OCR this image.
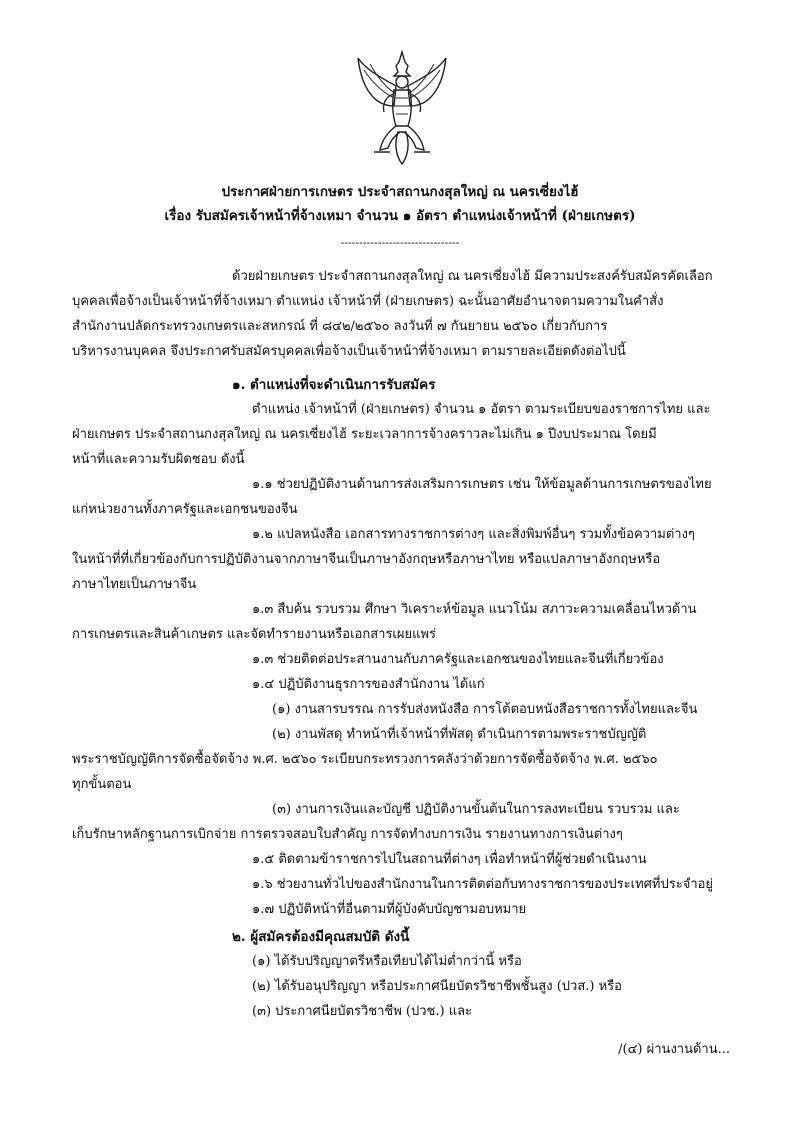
ประกาศฝ่ายการเกษตร ประจำสถานกงสุลใหญ่ ณ นครเซี่ยงไฮ้
เรื่อง รับสมัครเจ้าหน้าที่จ้างเหมา จำนวน ๑ อัตรา ตำแหน่งเจ้าหน้าที่ (ฝ่ายเกษตร)
--------------------------------
ด้วยฝ่ายเกษตร ประจำสถานกงสุลใหญ่ ณ นครเซี่ยงไฮ้ มีความประสงค์รับสมัครคัดเลือก
บุคคลเพื่อจ้างเป็นเจ้าหน้าที่จ้างเหมา ตำแหน่ง เจ้าหน้าที่ (ฝ่ายเกษตร) ฉะนั้นอาศัยอำนาจตามความในคำสั่ง
สำนักงานปลัดกระทรวงเกษตรและสหกรณ์ ที่ ๘๔๒/๒๕๖๐ ลงวันที่ ๗ กันยายน ๒๕๖๐ เกี่ยวกับการ
บริหารงานบุคคล จึงประกาศรับสมัครบุคคลเพื่อจ้างเป็นเจ้าหน้าที่จ้างเหมา ตามรายละเอียดดังต่อไปนี้
๑. ตำแหน่งที่จะดำเนินการรับสมัคร
ตำแหน่ง เจ้าหน้าที่ (ฝ่ายเกษตร) จำนวน ๑ อัตรา ตามระเบียบของราชการไทย และ
ฝ่ายเกษตร ประจำสถานกงสุลใหญ่ ณ นครเซี่ยงไฮ้ ระยะเวลาการจ้างคราวละไม่เกิน ๑ ปีงบประมาณ โดยมี
หน้าที่และความรับผิดชอบ ดังนี้
๑.๑ ช่วยปฏิบัติงานด้านการส่งเสริมการเกษตร เช่น ให้ข้อมูลด้านการเกษตรของไทย
แก่หน่วยงานทั้งภาครัฐและเอกชนของจีน
๑.๒ แปลหนังสือ เอกสารทางราชการต่างๆ และสิ่งพิมพ์อื่นๆ รวมทั้งข้อความต่างๆ
ในหน้าที่ที่เกี่ยวข้องกับการปฏิบัติงานจากภาษาจีนเป็นภาษาอังกฤษหรือภาษาไทย หรือแปลภาษาอังกฤษหรือ
ภาษาไทยเป็นภาษาจีน
๑.๓ สืบค้น รวบรวม ศึกษา วิเคราะห์ข้อมูล แนวโน้ม สภาวะความเคลื่อนไหวด้าน
การเกษตรและสินค้าเกษตร และจัดทำรายงานหรือเอกสารเผยแพร่
๑.๓ ช่วยติดต่อประสานงานกับภาครัฐและเอกชนของไทยและจีนที่เกี่ยวข้อง
๑.๔ ปฏิบัติงานธุรการของสำนักงาน ได้แก่
(๑) งานสารบรรณ การรับส่งหนังสือ การโต้ตอบหนังสือราชการทั้งไทยและจีน
(๒) งานพัสดุ ทำหน้าที่เจ้าหน้าที่พัสดุ ดำเนินการตามพระราชบัญญัติ
พระราชบัญญัติการจัดซื้อจัดจ้าง พ.ศ. ๒๕๖๐ ระเบียบกระทรวงการคลังว่าด้วยการจัดซื้อจัดจ้าง พ.ศ. ๒๕๖๐
ทุกขั้นตอน
(๓) งานการเงินและบัญชี ปฏิบัติงานขั้นต้นในการลงทะเบียน รวบรวม และ
เก็บรักษาหลักฐานการเบิกจ่าย การตรวจสอบใบสำคัญ การจัดทำงบการเงิน รายงานทางการเงินต่างๆ
๑.๕ ติดตามข้าราชการไปในสถานที่ต่างๆ เพื่อทำหน้าที่ผู้ช่วยดำเนินงาน
๑.๖ ช่วยงานทั่วไปของสำนักงานในการติดต่อกับทางราชการของประเทศที่ประจำอยู่
๑.๗ ปฏิบัติหน้าที่อื่นตามที่ผู้บังคับบัญชามอบหมาย
๒. ผู้สมัครต้องมีคุณสมบัติ ดังนี้
(๑) ได้รับปริญญาตรีหรือเทียบได้ไม่ต่ำกว่านี้ หรือ
(๒) ได้รับอนุปริญญา หรือประกาศนียบัตรวิชาชีพชั้นสูง (ปวส.) หรือ
(๓) ประกาศนียบัตรวิชาชีพ (ปวช.) และ
/(๔) ผ่านงานด้าน...
